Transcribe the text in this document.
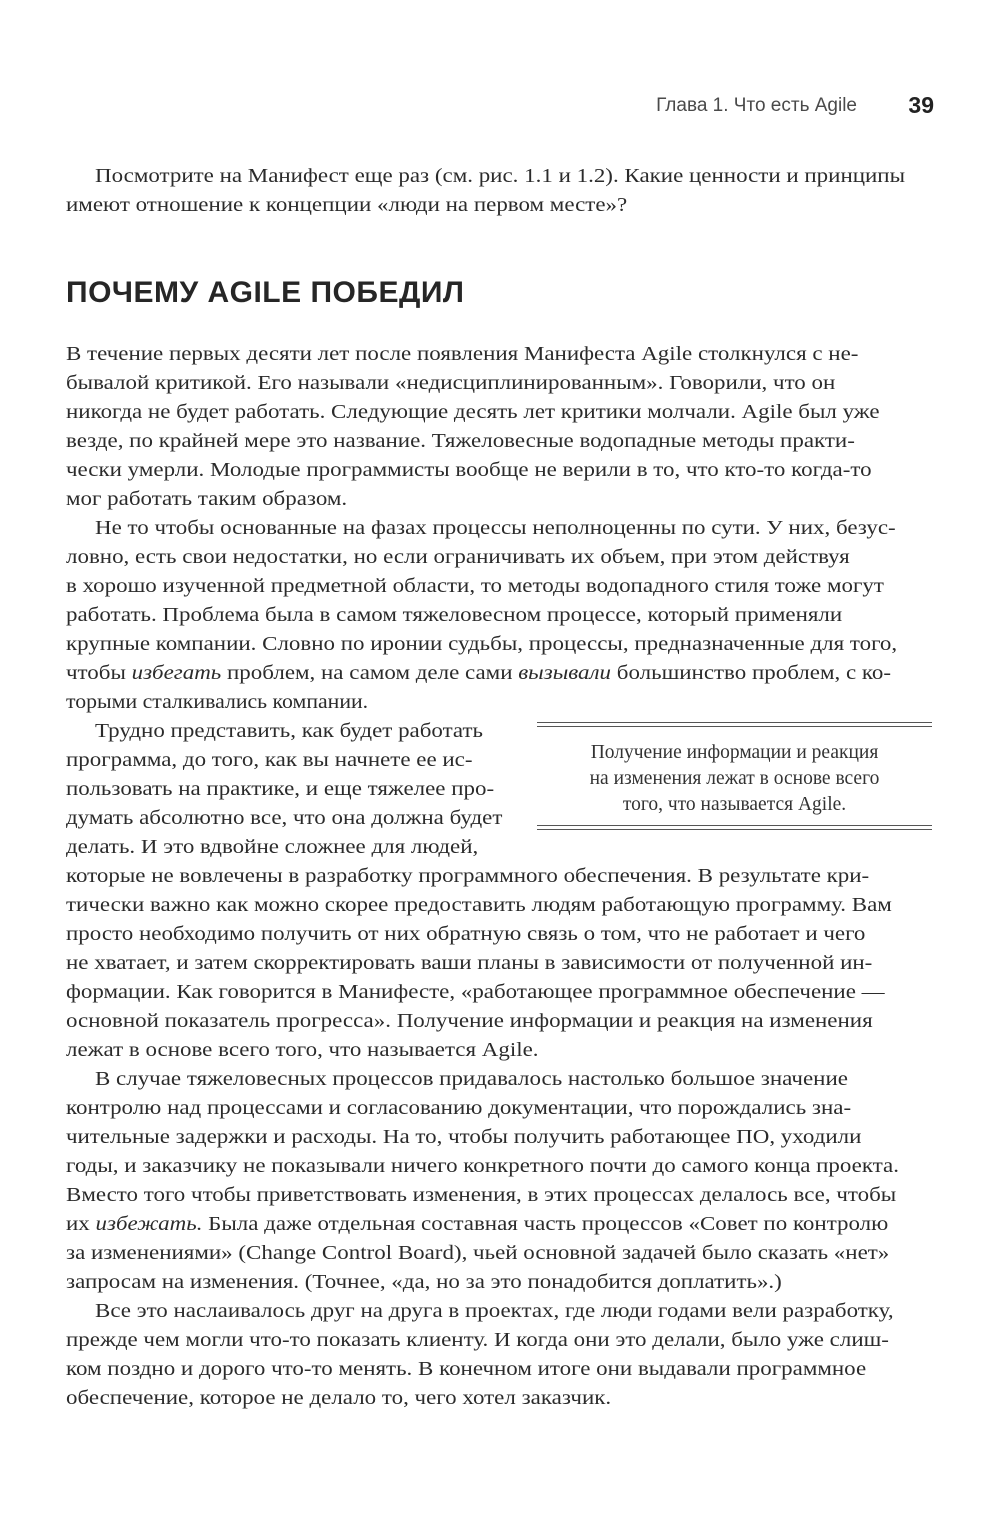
Глава 1. Что есть Agile 39
Посмотрите на Манифест еще раз (см. рис. 1.1 и 1.2). Какие ценности и принципы
имеют отношение к концепции «люди на первом месте»?
ПОЧЕМУ AGILE ПОБЕДИЛ
В течение первых десяти лет после появления Манифеста Agile столкнулся с не-
бывалой критикой. Его называли «недисциплинированным». Говорили, что он
никогда не будет работать. Следующие десять лет критики молчали. Agile был уже
везде, по крайней мере это название. Тяжеловесные водопадные методы практи-
чески умерли. Молодые программисты вообще не верили в то, что кто-то когда-то
мог работать таким образом.
Не то чтобы основанные на фазах процессы неполноценны по сути. У них, безус-
ловно, есть свои недостатки, но если ограничивать их объем, при этом действуя
в хорошо изученной предметной области, то методы водопадного стиля тоже могут
работать. Проблема была в самом тяжеловесном процессе, который применяли
крупные компании. Словно по иронии судьбы, процессы, предназначенные для того,
чтобы избегать проблем, на самом деле сами вызывали большинство проблем, с ко-
торыми сталкивались компании.
Трудно представить, как будет работать
программа, до того, как вы начнете ее ис-
пользовать на практике, и еще тяжелее про-
думать абсолютно все, что она должна будет
делать. И это вдвойне сложнее для людей,
которые не вовлечены в разработку программного обеспечения. В результате кри-
тически важно как можно скорее предоставить людям работающую программу. Вам
просто необходимо получить от них обратную связь о том, что не работает и чего
не хватает, и затем скорректировать ваши планы в зависимости от полученной ин-
формации. Как говорится в Манифесте, «работающее программное обеспечение —
основной показатель прогресса». Получение информации и реакция на изменения
лежат в основе всего того, что называется Agile.
Получение информации и реакция
на изменения лежат в основе всего
того, что называется Agile.
В случае тяжеловесных процессов придавалось настолько большое значение
контролю над процессами и согласованию документации, что порождались зна-
чительные задержки и расходы. На то, чтобы получить работающее ПО, уходили
годы, и заказчику не показывали ничего конкретного почти до самого конца проекта.
Вместо того чтобы приветствовать изменения, в этих процессах делалось все, чтобы
их избежать. Была даже отдельная составная часть процессов «Совет по контролю
за изменениями» (Change Control Board), чьей основной задачей было сказать «нет»
запросам на изменения. (Точнее, «да, но за это понадобится доплатить».)
Все это наслаивалось друг на друга в проектах, где люди годами вели разработку,
прежде чем могли что-то показать клиенту. И когда они это делали, было уже слиш-
ком поздно и дорого что-то менять. В конечном итоге они выдавали программное
обеспечение, которое не делало то, чего хотел заказчик.
